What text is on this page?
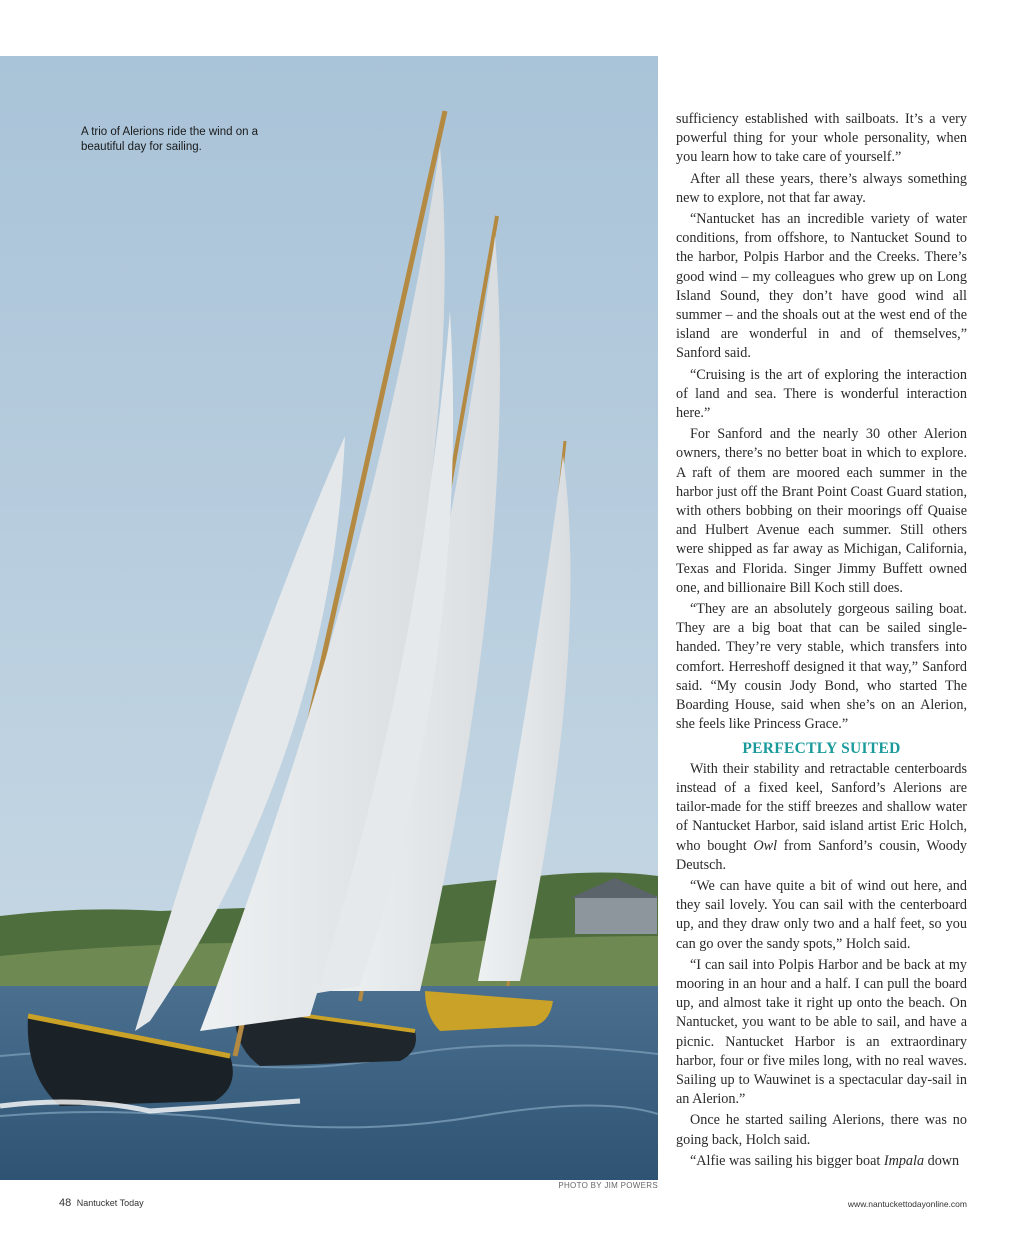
A trio of Alerions ride the wind on a beautiful day for sailing.
PHOTO BY JIM POWERS

sufficiency established with sailboats. It’s a very powerful thing for your whole personality, when you learn how to take care of yourself.”

After all these years, there’s always something new to explore, not that far away.

“Nantucket has an incredible variety of water conditions, from offshore, to Nantucket Sound to the harbor, Polpis Harbor and the Creeks. There’s good wind – my colleagues who grew up on Long Island Sound, they don’t have good wind all summer – and the shoals out at the west end of the island are wonderful in and of themselves,” Sanford said.

“Cruising is the art of exploring the interaction of land and sea. There is wonderful interaction here.”

For Sanford and the nearly 30 other Alerion owners, there’s no better boat in which to explore. A raft of them are moored each summer in the harbor just off the Brant Point Coast Guard station, with others bobbing on their moorings off Quaise and Hulbert Avenue each summer. Still others were shipped as far away as Michigan, California, Texas and Florida. Singer Jimmy Buffett owned one, and billionaire Bill Koch still does.

“They are an absolutely gorgeous sailing boat. They are a big boat that can be sailed single-handed. They’re very stable, which transfers into comfort. Herreshoff designed it that way,” Sanford said. “My cousin Jody Bond, who started The Boarding House, said when she’s on an Alerion, she feels like Princess Grace.”

PERFECTLY SUITED

With their stability and retractable centerboards instead of a fixed keel, Sanford’s Alerions are tailor-made for the stiff breezes and shallow water of Nantucket Harbor, said island artist Eric Holch, who bought Owl from Sanford’s cousin, Woody Deutsch.

“We can have quite a bit of wind out here, and they sail lovely. You can sail with the centerboard up, and they draw only two and a half feet, so you can go over the sandy spots,” Holch said.

“I can sail into Polpis Harbor and be back at my mooring in an hour and a half. I can pull the board up, and almost take it right up onto the beach. On Nantucket, you want to be able to sail, and have a picnic. Nantucket Harbor is an extraordinary harbor, four or five miles long, with no real waves. Sailing up to Wauwinet is a spectacular day-sail in an Alerion.”

Once he started sailing Alerions, there was no going back, Holch said.

“Alfie was sailing his bigger boat Impala down

48 Nantucket Today	www.nantuckettodayonline.com
